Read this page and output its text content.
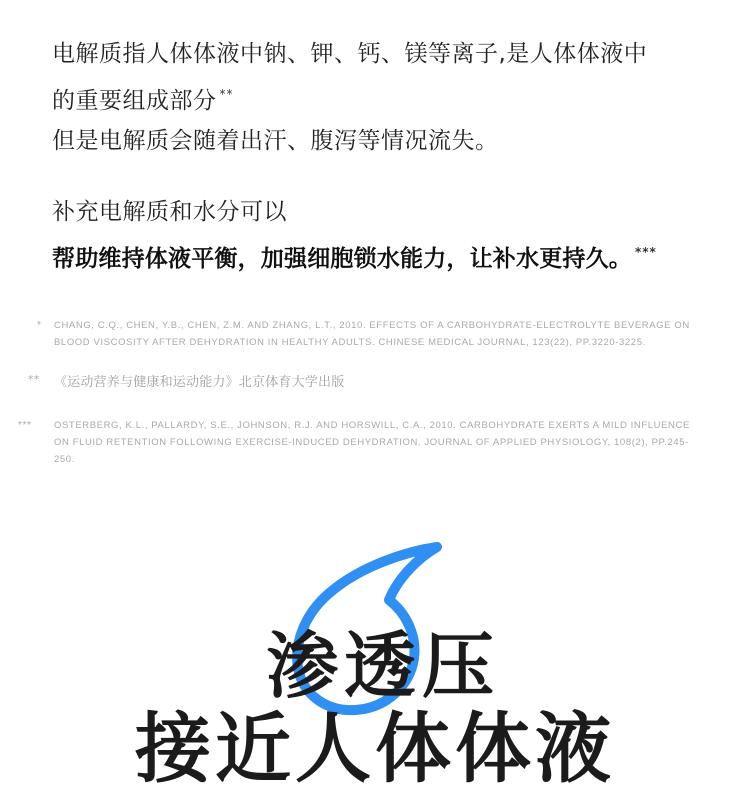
电解质指人体体液中钠、钾、钙、镁等离子,是人体体液中

的重要组成部分 **

但是电解质会随着出汗、腹泻等情况流失。

补充电解质和水分可以

帮助维持体液平衡，加强细胞锁水能力，让补水更持久。 ***

* CHANG, C.Q., CHEN, Y.B., CHEN, Z.M. AND ZHANG, L.T., 2010. EFFECTS OF A CARBOHYDRATE-ELECTROLYTE BEVERAGE ON BLOOD VISCOSITY AFTER DEHYDRATION IN HEALTHY ADULTS. CHINESE MEDICAL JOURNAL, 123(22), PP.3220-3225.
** 《运动营养与健康和运动能力》北京体育大学出版
*** OSTERBERG, K.L., PALLARDY, S.E., JOHNSON, R.J. AND HORSWILL, C.A., 2010. CARBOHYDRATE EXERTS A MILD INFLUENCE ON FLUID RETENTION FOLLOWING EXERCISE-INDUCED DEHYDRATION. JOURNAL OF APPLIED PHYSIOLOGY, 108(2), PP.245-250.
渗透压
接近人体体液
